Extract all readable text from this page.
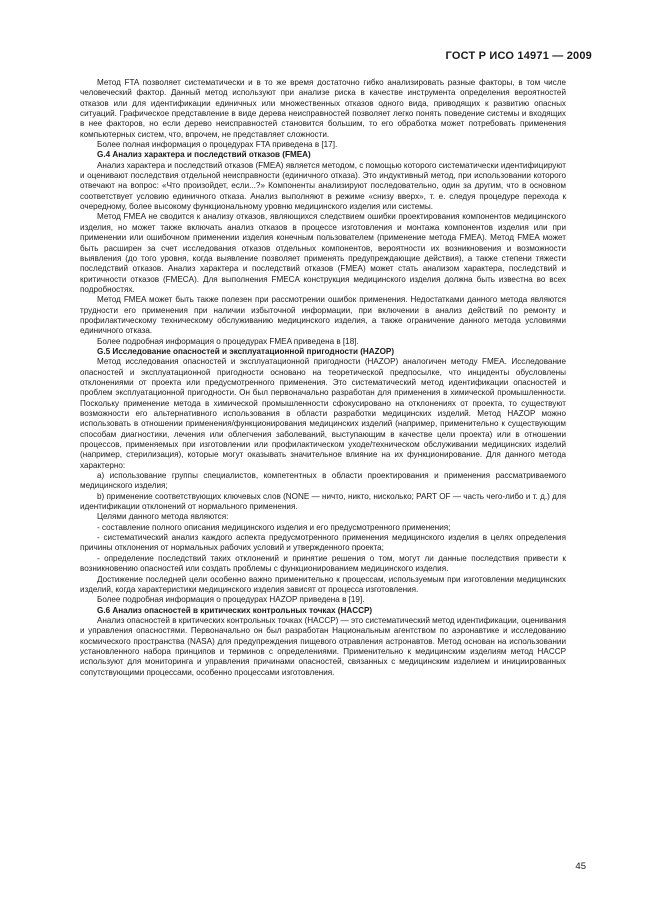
ГОСТ Р ИСО 14971 — 2009

Метод FTA позволяет систематически и в то же время достаточно гибко анализировать разные факторы, в том числе человеческий фактор. Данный метод используют при анализе риска в качестве инструмента определения вероятностей отказов или для идентификации единичных или множественных отказов одного вида, приводящих к развитию опасных ситуаций. Графическое представление в виде дерева неисправностей позволяет легко понять поведение системы и входящих в нее факторов, но если дерево неисправностей становится большим, то его обработка может потребовать применения компьютерных систем, что, впрочем, не представляет сложности.

Более полная информация о процедурах FTA приведена в [17].

G.4 Анализ характера и последствий отказов (FMEA)

Анализ характера и последствий отказов (FMEA) является методом, с помощью которого систематически идентифицируют и оценивают последствия отдельной неисправности (единичного отказа). Это индуктивный метод, при использовании которого отвечают на вопрос: «Что произойдет, если...?» Компоненты анализируют последовательно, один за другим, что в основном соответствует условию единичного отказа. Анализ выполняют в режиме «снизу вверх», т. е. следуя процедуре перехода к очередному, более высокому функциональному уровню медицинского изделия или системы.

Метод FMEA не сводится к анализу отказов, являющихся следствием ошибки проектирования компонентов медицинского изделия, но может также включать анализ отказов в процессе изготовления и монтажа компонентов изделия или при применении или ошибочном применении изделия конечным пользователем (применение метода FMEA). Метод FMEA может быть расширен за счет исследования отказов отдельных компонентов, вероятности их возникновения и возможности выявления (до того уровня, когда выявление позволяет применять предупреждающие действия), а также степени тяжести последствий отказов. Анализ характера и последствий отказов (FMEA) может стать анализом характера, последствий и критичности отказов (FMECA). Для выполнения FMECA конструкция медицинского изделия должна быть известна во всех подробностях.

Метод FMEA может быть также полезен при рассмотрении ошибок применения. Недостатками данного метода являются трудности его применения при наличии избыточной информации, при включении в анализ действий по ремонту и профилактическому техническому обслуживанию медицинского изделия, а также ограничение данного метода условиями единичного отказа.

Более подробная информация о процедурах FMEA приведена в [18].

G.5 Исследование опасностей и эксплуатационной пригодности (HAZOP)

Метод исследования опасностей и эксплуатационной пригодности (HAZOP) аналогичен методу FMEA. Исследование опасностей и эксплуатационной пригодности основано на теоретической предпосылке, что инциденты обусловлены отклонениями от проекта или предусмотренного применения. Это систематический метод идентификации опасностей и проблем эксплуатационной пригодности. Он был первоначально разработан для применения в химической промышленности. Поскольку применение метода в химической промышленности сфокусировано на отклонениях от проекта, то существуют возможности его альтернативного использования в области разработки медицинских изделий. Метод HAZOP можно использовать в отношении применения/функционирования медицинских изделий (например, применительно к существующим способам диагностики, лечения или облегчения заболеваний, выступающим в качестве цели проекта) или в отношении процессов, применяемых при изготовлении или профилактическом уходе/техническом обслуживании медицинских изделий (например, стерилизация), которые могут оказывать значительное влияние на их функционирование. Для данного метода характерно:

а) использование группы специалистов, компетентных в области проектирования и применения рассматриваемого медицинского изделия;

b) применение соответствующих ключевых слов (NONE — ничто, никто, нисколько; PART OF — часть чего-либо и т. д.) для идентификации отклонений от нормального применения.

Целями данного метода являются:

- составление полного описания медицинского изделия и его предусмотренного применения;

- систематический анализ каждого аспекта предусмотренного применения медицинского изделия в целях определения причины отклонения от нормальных рабочих условий и утвержденного проекта;

- определение последствий таких отклонений и принятие решения о том, могут ли данные последствия привести к возникновению опасностей или создать проблемы с функционированием медицинского изделия.

Достижение последней цели особенно важно применительно к процессам, используемым при изготовлении медицинских изделий, когда характеристики медицинского изделия зависят от процесса изготовления.

Более подробная информация о процедурах HAZOP приведена в [19].

G.6 Анализ опасностей в критических контрольных точках (HACCP)

Анализ опасностей в критических контрольных точках (HACCP) — это систематический метод идентификации, оценивания и управления опасностями. Первоначально он был разработан Национальным агентством по аэронавтике и исследованию космического пространства (NASA) для предупреждения пищевого отравления астронавтов. Метод основан на использовании установленного набора принципов и терминов с определениями. Применительно к медицинским изделиям метод HACCP используют для мониторинга и управления причинами опасностей, связанных с медицинским изделием и инициированных сопутствующими процессами, особенно процессами изготовления.

45
